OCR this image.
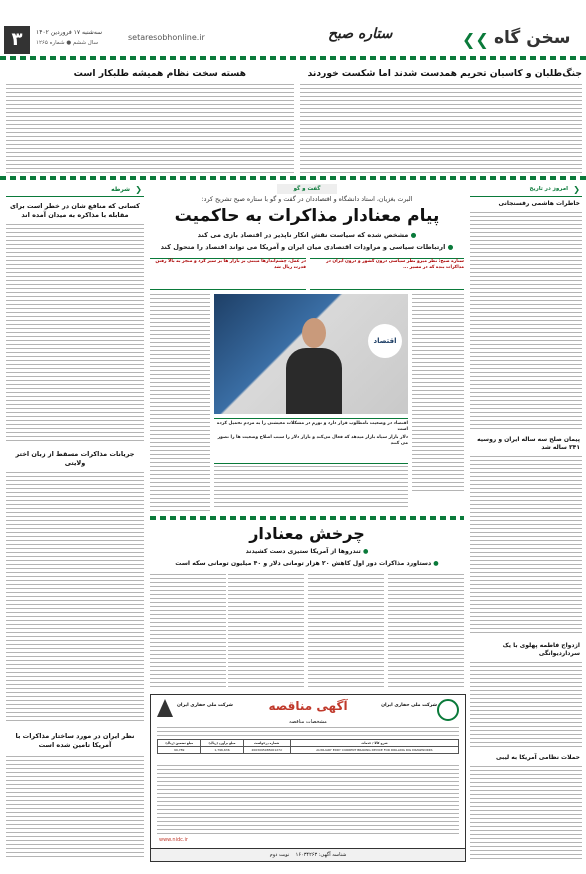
۳	سه‌شنبه ۱۷ فروردین ۱۴۰۲
سال ششم ● شماره ۱۲۶۵
setaresobhonline.ir	ستاره صبح	❮❮ سخن گاه
جنگ‌طلبان و کاسبان تحریم همدست شدند اما شکست خوردند
هسته سخت نظام همیشه طلبکار است
❮
شرطه
کسانی که منافع شان در خطر است برای مقابله با مذاکره به میدان آمده اند
جریانات مذاکرات مسقط از زبان اختر ولایتی
نظر ایران در مورد ساختار مذاکرات با آمریکا تامین شده است
❮
امروز در تاریخ
خاطرات هاشمی رفسنجانی
پیمان صلح سه ساله ایران و روسیه ۳۴۱ ساله شد
ازدواج فاطمه پهلوی با یک سرداردیوانگی
حملات نظامی آمریکا به لیبی
گفت و گو
البرت بغزیان، استاد دانشگاه و اقتصاددان در گفت و گو با ستاره صبح تشریح کرد:
پیام معنادار مذاکرات به حاکمیت
● مشخص شده که سیاست نقش انکار ناپذیر در اقتصاد بازی می کند
● ارتباطات سیاسی و مراودات اقتصادی میان ایران و آمریکا می تواند اقتصاد را متحول کند
ستاره صبح: نظر میرو نظر سیاسی درون کشور و درون ایران در مذاکرات بنده که در مسیر ...
در عمل، چشم‌اندازها مبتنی بر بازار ها بر سیر کرد و منجر به بالا رفتن قدرت ریال شد
اقتصاد
اقتصاد در وضعیت نامطلوب قرار دارد و تورم در مشکلات معیشتی را به مردم تحمیل کرده است
دلار بازار سیاه بازار میدهد که فعال می‌کند و بازار دلار را سبب اصلاح وضعیت ها را تصور می کنند
چرخش معنادار
● تندروها از آمریکا ستیزی دست کشیدند
● دستاورد مذاکرات دور اول کاهش ۲۰ هزار تومانی دلار و ۴۰ میلیون تومانی سکه است
آگهی مناقصه	شرکت ملی حفاری ایران
شرکت ملی حفاری ایران
مشخصات مناقصه
شرح کالا / خدمات	شماره درخواست	مبلغ برآورد (ریال)	مبلغ تضمین (ریال)
AUXILIARY EDDY CURRENT BRAKING DEVICE FOR DRILLING RIG DRAWWORKS	2003095985001272	1,796,636	99,789
www.nidc.ir
شناسه آگهی: ۱۶۰۳۴۲۶۳    نوبت دوم
